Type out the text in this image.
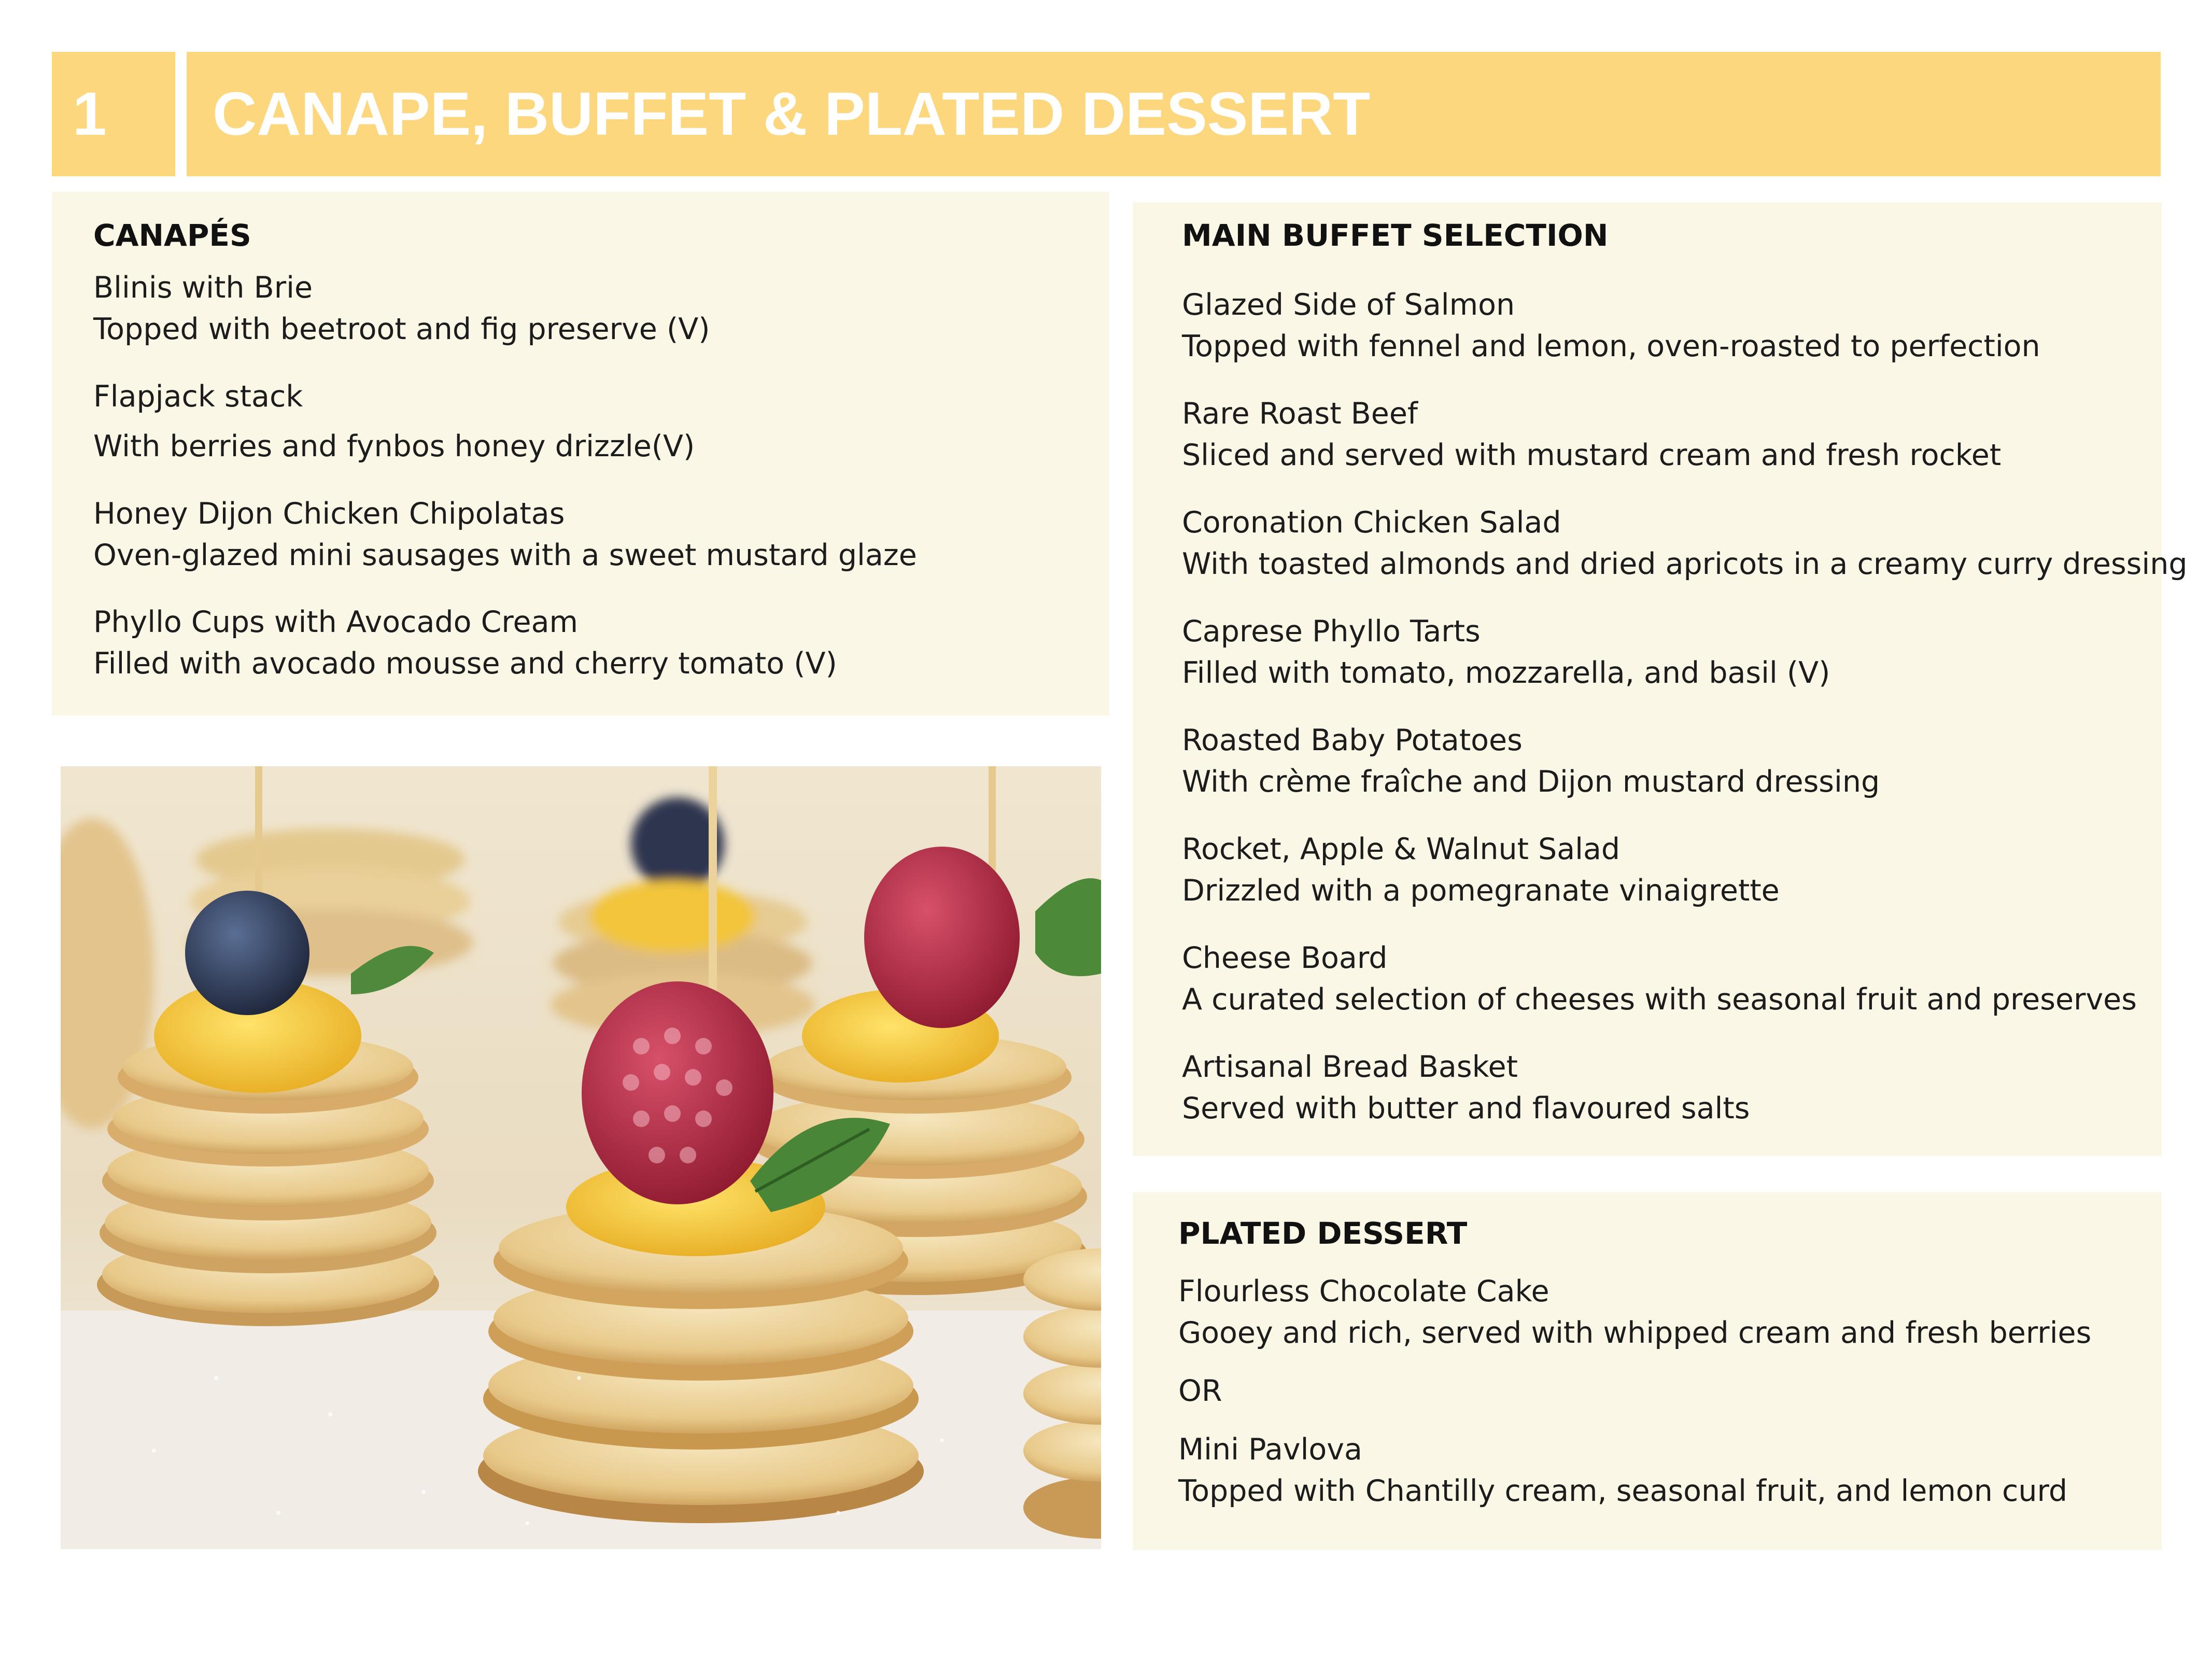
1 CANAPE, BUFFET & PLATED DESSERT
CANAPÉS
Blinis with Brie
Topped with beetroot and fig preserve (V)
Flapjack stack
With berries and fynbos honey drizzle(V)
Honey Dijon Chicken Chipolatas
Oven-glazed mini sausages with a sweet mustard glaze
Phyllo Cups with Avocado Cream
Filled with avocado mousse and cherry tomato (V)
MAIN BUFFET SELECTION
Glazed Side of Salmon
Topped with fennel and lemon, oven-roasted to perfection
Rare Roast Beef
Sliced and served with mustard cream and fresh rocket
Coronation Chicken Salad
With toasted almonds and dried apricots in a creamy curry dressing
Caprese Phyllo Tarts
Filled with tomato, mozzarella, and basil (V)
Roasted Baby Potatoes
With crème fraîche and Dijon mustard dressing
Rocket, Apple & Walnut Salad
Drizzled with a pomegranate vinaigrette
Cheese Board
A curated selection of cheeses with seasonal fruit and preserves
Artisanal Bread Basket
Served with butter and flavoured salts
PLATED DESSERT
Flourless Chocolate Cake
Gooey and rich, served with whipped cream and fresh berries
OR
Mini Pavlova
Topped with Chantilly cream, seasonal fruit, and lemon curd
